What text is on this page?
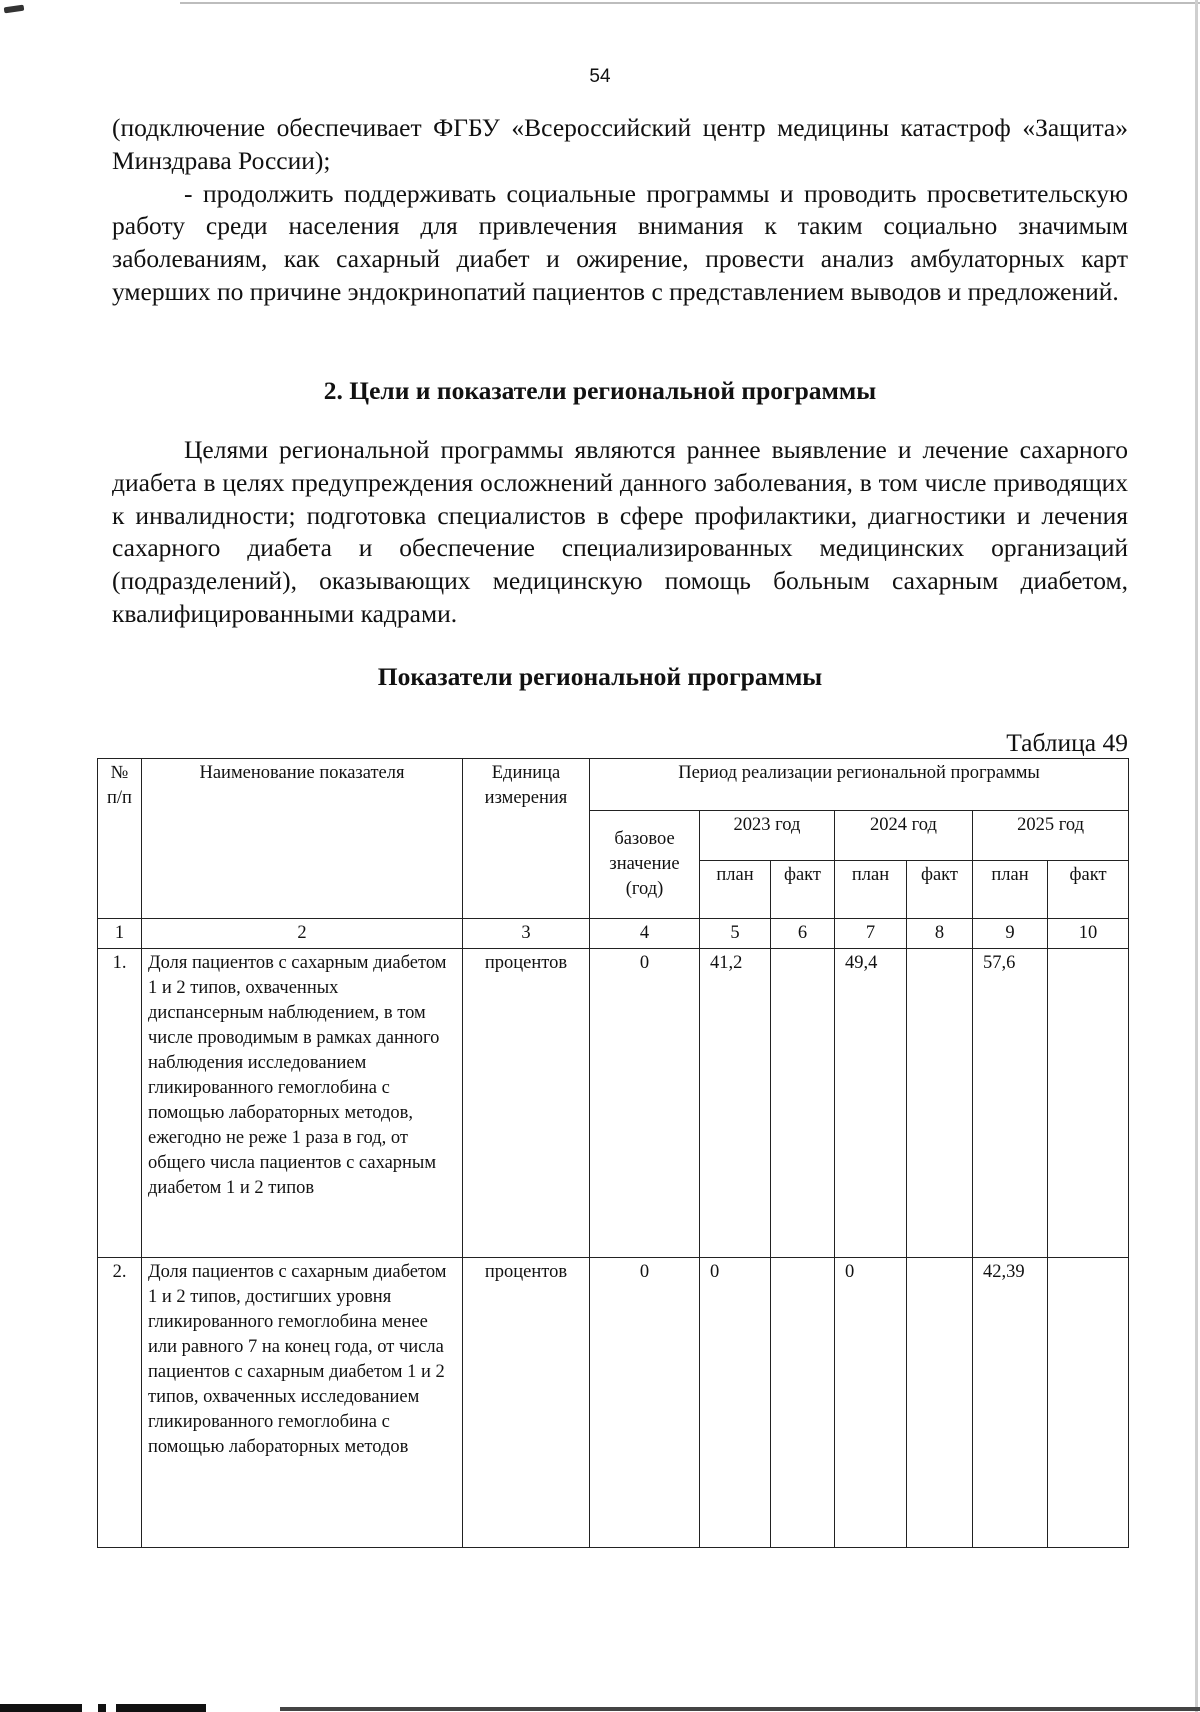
54

(подключение обеспечивает ФГБУ «Всероссийский центр медицины катастроф «Защита» Минздрава России);

- продолжить поддерживать социальные программы и проводить просветительскую работу среди населения для привлечения внимания к таким социально значимым заболеваниям, как сахарный диабет и ожирение, провести анализ амбулаторных карт умерших по причине эндокринопатий пациентов с представлением выводов и предложений.

2. Цели и показатели региональной программы

Целями региональной программы являются раннее выявление и лечение сахарного диабета в целях предупреждения осложнений данного заболевания, в том числе приводящих к инвалидности; подготовка специалистов в сфере профилактики, диагностики и лечения сахарного диабета и обеспечение специализированных медицинских организаций (подразделений), оказывающих медицинскую помощь больным сахарным диабетом, квалифицированными кадрами.

Показатели региональной программы
Таблица 49
№ п/п	Наименование показателя	Единица измерения	Период реализации региональной программы						
			базовое значение (год)	2023 год		2024 год		2025 год	
				план	факт	план	факт	план	факт
1	2	3	4	5	6	7	8	9	10
1.	Доля пациентов с сахарным диабетом 1 и 2 типов, охваченных диспансерным наблюдением, в том числе проводимым в рамках данного наблюдения исследованием гликированного гемоглобина с помощью лабораторных методов, ежегодно не реже 1 раза в год, от общего числа пациентов с сахарным диабетом 1 и 2 типов	процентов	0	41,2		49,4		57,6	
2.	Доля пациентов с сахарным диабетом 1 и 2 типов, достигших уровня гликированного гемоглобина менее или равного 7 на конец года, от числа пациентов с сахарным диабетом 1 и 2 типов, охваченных исследованием гликированного гемоглобина с помощью лабораторных методов	процентов	0	0		0		42,39	
